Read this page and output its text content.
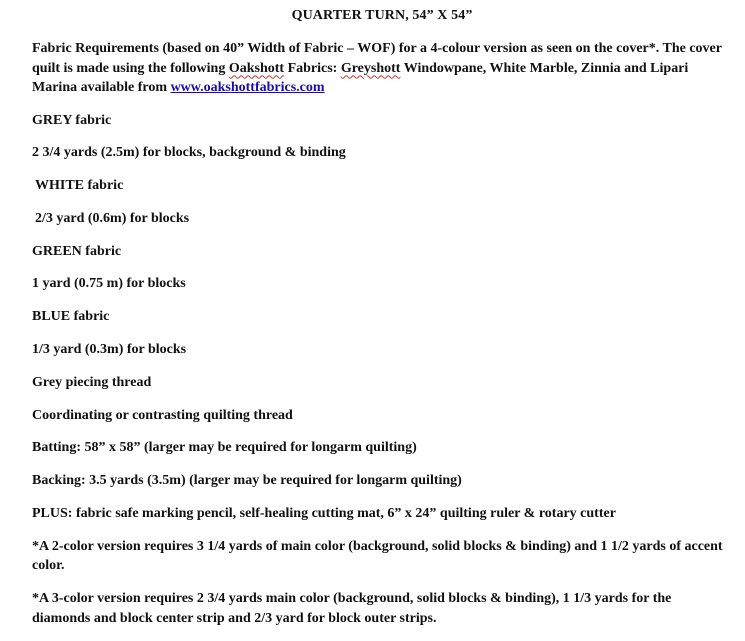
QUARTER TURN, 54” X 54”
Fabric Requirements (based on 40” Width of Fabric – WOF) for a 4-colour version as seen on the cover*. The cover quilt is made using the following Oakshott Fabrics: Greyshott Windowpane, White Marble, Zinnia and Lipari Marina available from www.oakshottfabrics.com
GREY fabric
2 3/4 yards (2.5m) for blocks, background & binding
WHITE fabric
2/3 yard (0.6m) for blocks
GREEN fabric
1 yard (0.75 m) for blocks
BLUE fabric
1/3 yard (0.3m) for blocks
Grey piecing thread
Coordinating or contrasting quilting thread
Batting: 58” x 58” (larger may be required for longarm quilting)
Backing: 3.5 yards (3.5m) (larger may be required for longarm quilting)
PLUS: fabric safe marking pencil, self-healing cutting mat, 6” x 24” quilting ruler & rotary cutter
*A 2-color version requires 3 1/4 yards of main color (background, solid blocks & binding) and 1 1/2 yards of accent color.
*A 3-color version requires 2 3/4 yards main color (background, solid blocks & binding), 1 1/3 yards for the diamonds and block center strip and 2/3 yard for block outer strips.
